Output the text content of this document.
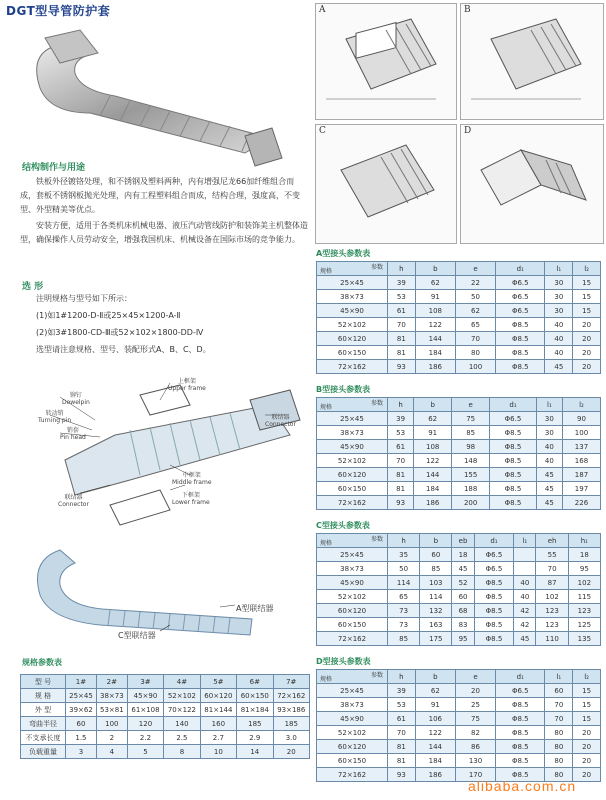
DGT型导管防护套	A	B
C	D
结构制作与用途

铁板外径镀铬处理，和不锈钢及塑料两种，内有增强尼龙66加纤维组合而成，套板不锈钢板抛光处理，内有工程塑料组合而成，结构合理，强度高，不变型、外型精美等优点。

安装方便，适用于各类机床机械电器、液压汽动管线防护和装饰美主机整体造型，确保操作人员劳动安全，增强我国机床、机械设备在国际市场的竞争能力。

选 形
注明规格与型号如下所示：
(1)如1#1200-D-Ⅱ或25×45×1200-A-Ⅱ
(2)如3#1800-CD-Ⅲ或52×102×1800-DD-Ⅳ
选型请注意规格、型号、装配形式A、B、C、D。
铆钉
Dowelpin
转动销
Turning pin
销套
Pin head
上框架
Upper frame
联结器
Connector
中框架
Middle frame
下框架
Lower frame
联结器
Connector
A型联结器
C型联结器
规格参数表
型 号	1#	2#	3#	4#	5#	6#	7#
规 格	25×45	38×73	45×90	52×102	60×120	60×150	72×162
外 型	39×62	53×81	61×108	70×122	81×144	81×184	93×186
弯曲半径	60	100	120	140	160	185	185
不支承长度	1.5	2	2.2	2.5	2.7	2.9	3.0
负载重量	3	4	5	8	10	14	20
A型接头参数表
参数
规格	h	b	e	d₁	l₁	l₂
25×45	39	62	22	Φ6.5	30	15
38×73	53	91	50	Φ6.5	30	15
45×90	61	108	62	Φ6.5	30	15
52×102	70	122	65	Φ8.5	40	20
60×120	81	144	70	Φ8.5	40	20
60×150	81	184	80	Φ8.5	40	20
72×162	93	186	100	Φ8.5	45	20
B型接头参数表
参数
规格	h	b	e	d₁	l₁	l₂
25×45	39	62	75	Φ6.5	30	90
38×73	53	91	85	Φ8.5	30	100
45×90	61	108	98	Φ8.5	40	137
52×102	70	122	148	Φ8.5	40	168
60×120	81	144	155	Φ8.5	45	187
60×150	81	184	188	Φ8.5	45	197
72×162	93	186	200	Φ8.5	45	226
C型接头参数表
参数
规格	h	b	eb	d₁	l₁	eh	h₁
25×45	35	60	18	Φ6.5		55	18
38×73	50	85	45	Φ6.5		70	95
45×90	114	103	52	Φ8.5	40	87	102
52×102	65	114	60	Φ8.5	40	102	115
60×120	73	132	68	Φ8.5	42	123	123
60×150	73	163	83	Φ8.5	42	123	125
72×162	85	175	95	Φ8.5	45	110	135
D型接头参数表
参数
规格	h	b	e	d₁	l₁	l₂
25×45	39	62	20	Φ6.5	60	15
38×73	53	91	25	Φ8.5	70	15
45×90	61	106	75	Φ8.5	70	15
52×102	70	122	82	Φ8.5	80	20
60×120	81	144	86	Φ8.5	80	20
60×150	81	184	130	Φ8.5	80	20
72×162	93	186	170	Φ8.5	80	20
alibaba.com.cn
